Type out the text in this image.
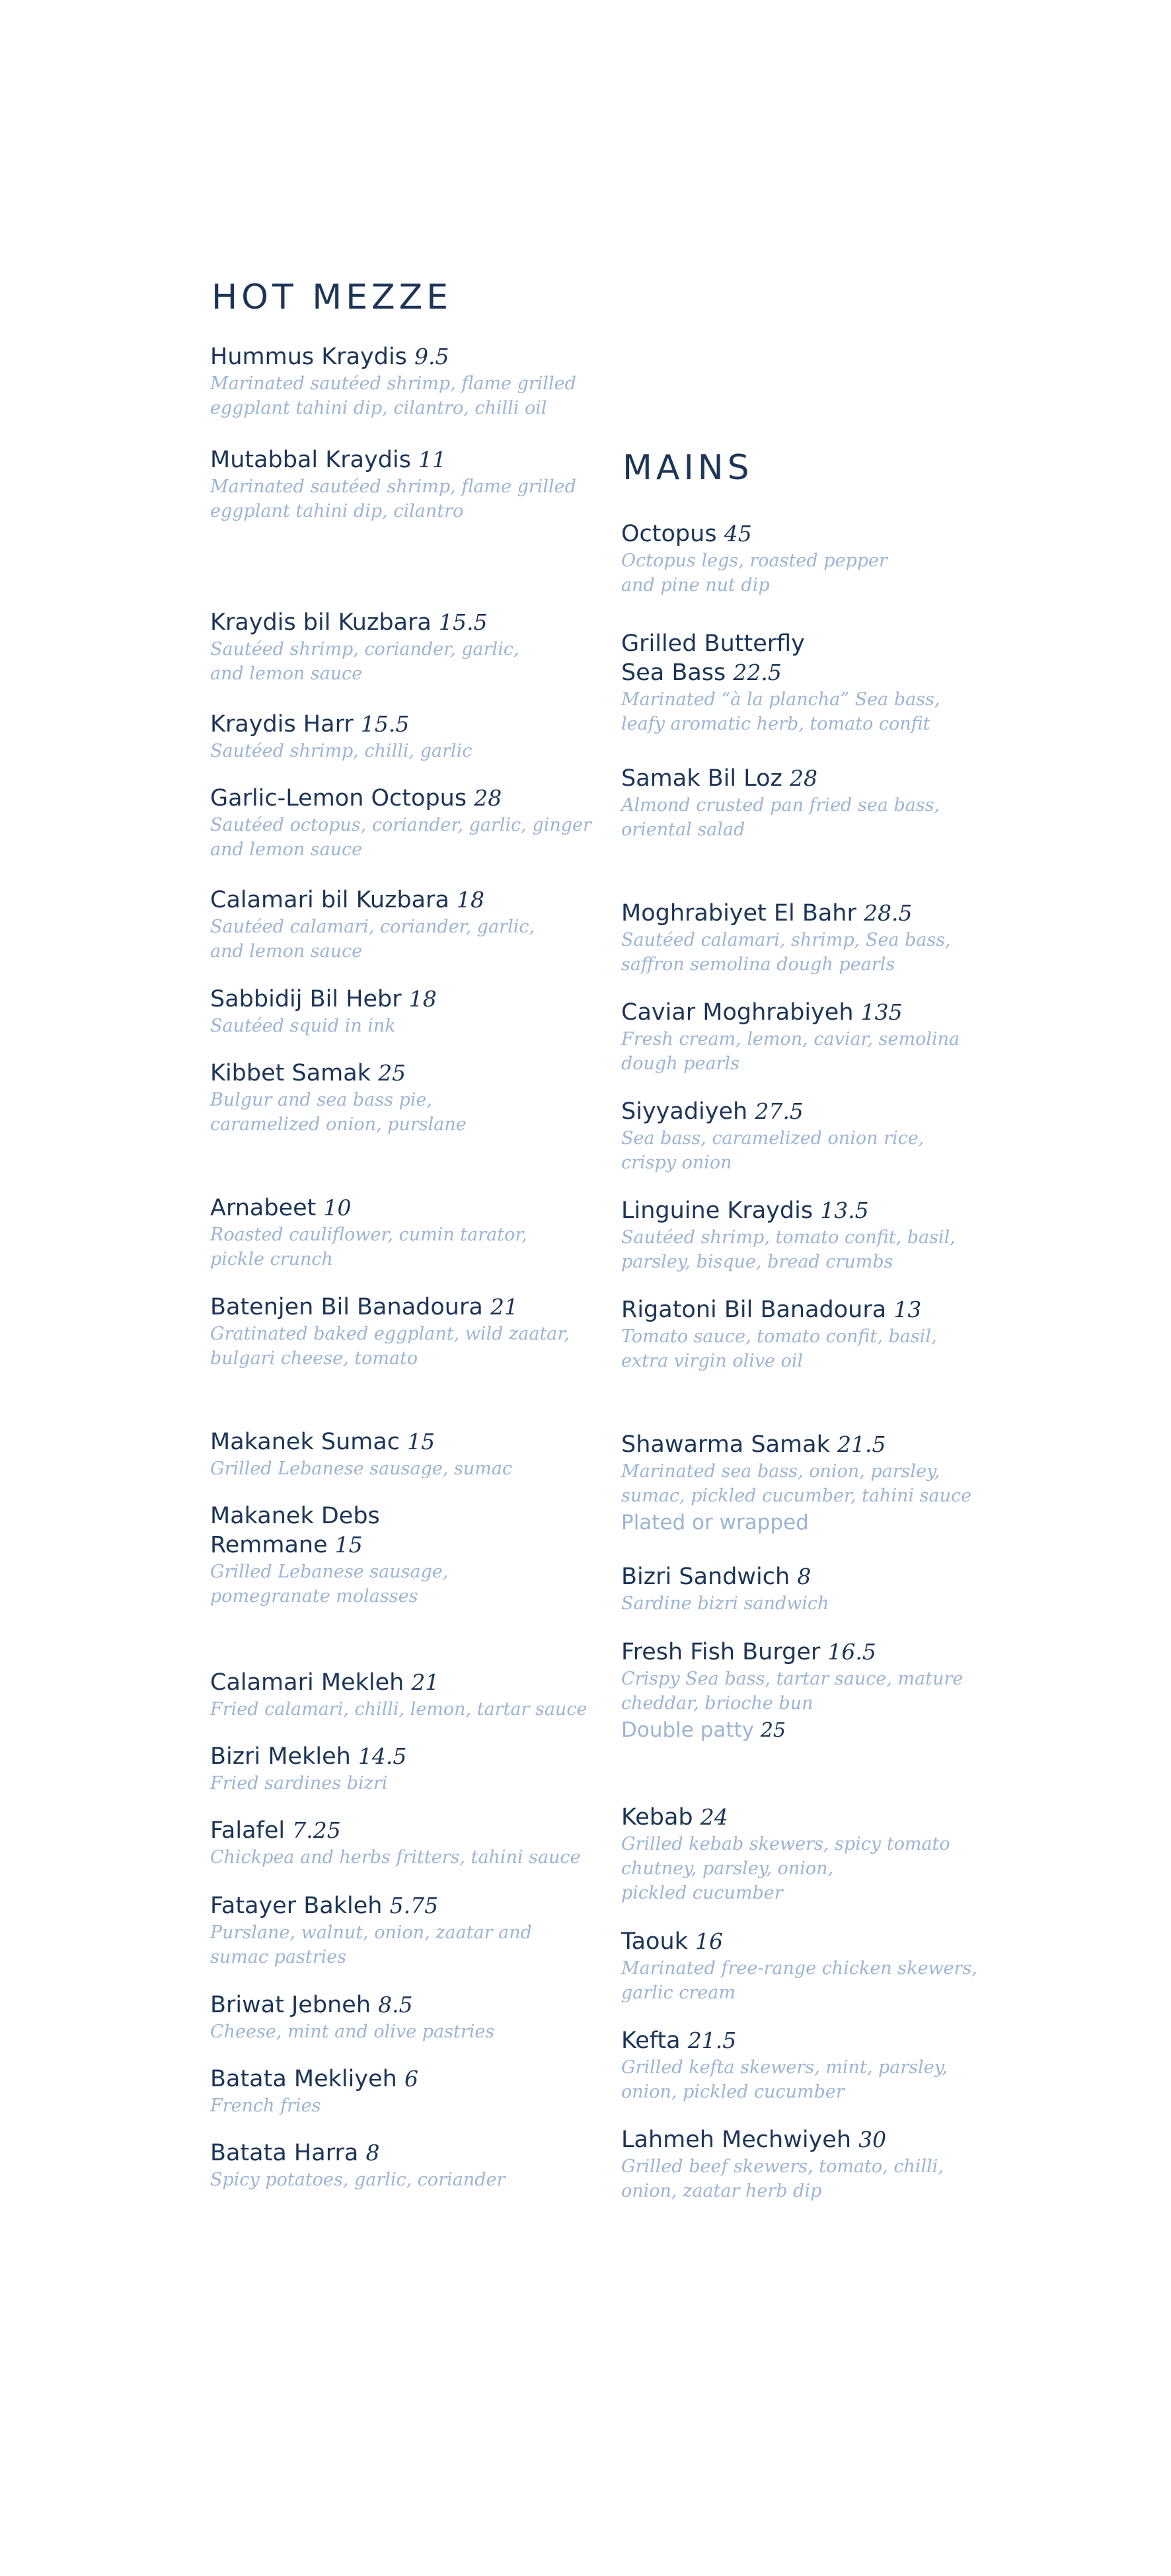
HOT MEZZE
Hummus Kraydis 9.5
Marinated sautéed shrimp, flame grilled
eggplant tahini dip, cilantro, chilli oil
Mutabbal Kraydis 11
Marinated sautéed shrimp, flame grilled
eggplant tahini dip, cilantro
Kraydis bil Kuzbara 15.5
Sautéed shrimp, coriander, garlic,
and lemon sauce
Kraydis Harr 15.5
Sautéed shrimp, chilli, garlic
Garlic-Lemon Octopus 28
Sautéed octopus, coriander, garlic, ginger
and lemon sauce
Calamari bil Kuzbara 18
Sautéed calamari, coriander, garlic,
and lemon sauce
Sabbidij Bil Hebr 18
Sautéed squid in ink
Kibbet Samak 25
Bulgur and sea bass pie,
caramelized onion, purslane
Arnabeet 10
Roasted cauliflower, cumin tarator,
pickle crunch
Batenjen Bil Banadoura 21
Gratinated baked eggplant, wild zaatar,
bulgari cheese, tomato
Makanek Sumac 15
Grilled Lebanese sausage, sumac
Makanek Debs
Remmane 15
Grilled Lebanese sausage,
pomegranate molasses
Calamari Mekleh 21
Fried calamari, chilli, lemon, tartar sauce
Bizri Mekleh 14.5
Fried sardines bizri
Falafel 7.25
Chickpea and herbs fritters, tahini sauce
Fatayer Bakleh 5.75
Purslane, walnut, onion, zaatar and
sumac pastries
Briwat Jebneh 8.5
Cheese, mint and olive pastries
Batata Mekliyeh 6
French fries
Batata Harra 8
Spicy potatoes, garlic, coriander
MAINS
Octopus 45
Octopus legs, roasted pepper
and pine nut dip
Grilled Butterfly
Sea Bass 22.5
Marinated “à la plancha” Sea bass,
leafy aromatic herb, tomato confit
Samak Bil Loz 28
Almond crusted pan fried sea bass,
oriental salad
Moghrabiyet El Bahr 28.5
Sautéed calamari, shrimp, Sea bass,
saffron semolina dough pearls
Caviar Moghrabiyeh 135
Fresh cream, lemon, caviar, semolina
dough pearls
Siyyadiyeh 27.5
Sea bass, caramelized onion rice,
crispy onion
Linguine Kraydis 13.5
Sautéed shrimp, tomato confit, basil,
parsley, bisque, bread crumbs
Rigatoni Bil Banadoura 13
Tomato sauce, tomato confit, basil,
extra virgin olive oil
Shawarma Samak 21.5
Marinated sea bass, onion, parsley,
sumac, pickled cucumber, tahini sauce
Plated or wrapped
Bizri Sandwich 8
Sardine bizri sandwich
Fresh Fish Burger 16.5
Crispy Sea bass, tartar sauce, mature
cheddar, brioche bun
Double patty 25
Kebab 24
Grilled kebab skewers, spicy tomato
chutney, parsley, onion,
pickled cucumber
Taouk 16
Marinated free-range chicken skewers,
garlic cream
Kefta 21.5
Grilled kefta skewers, mint, parsley,
onion, pickled cucumber
Lahmeh Mechwiyeh 30
Grilled beef skewers, tomato, chilli,
onion, zaatar herb dip
